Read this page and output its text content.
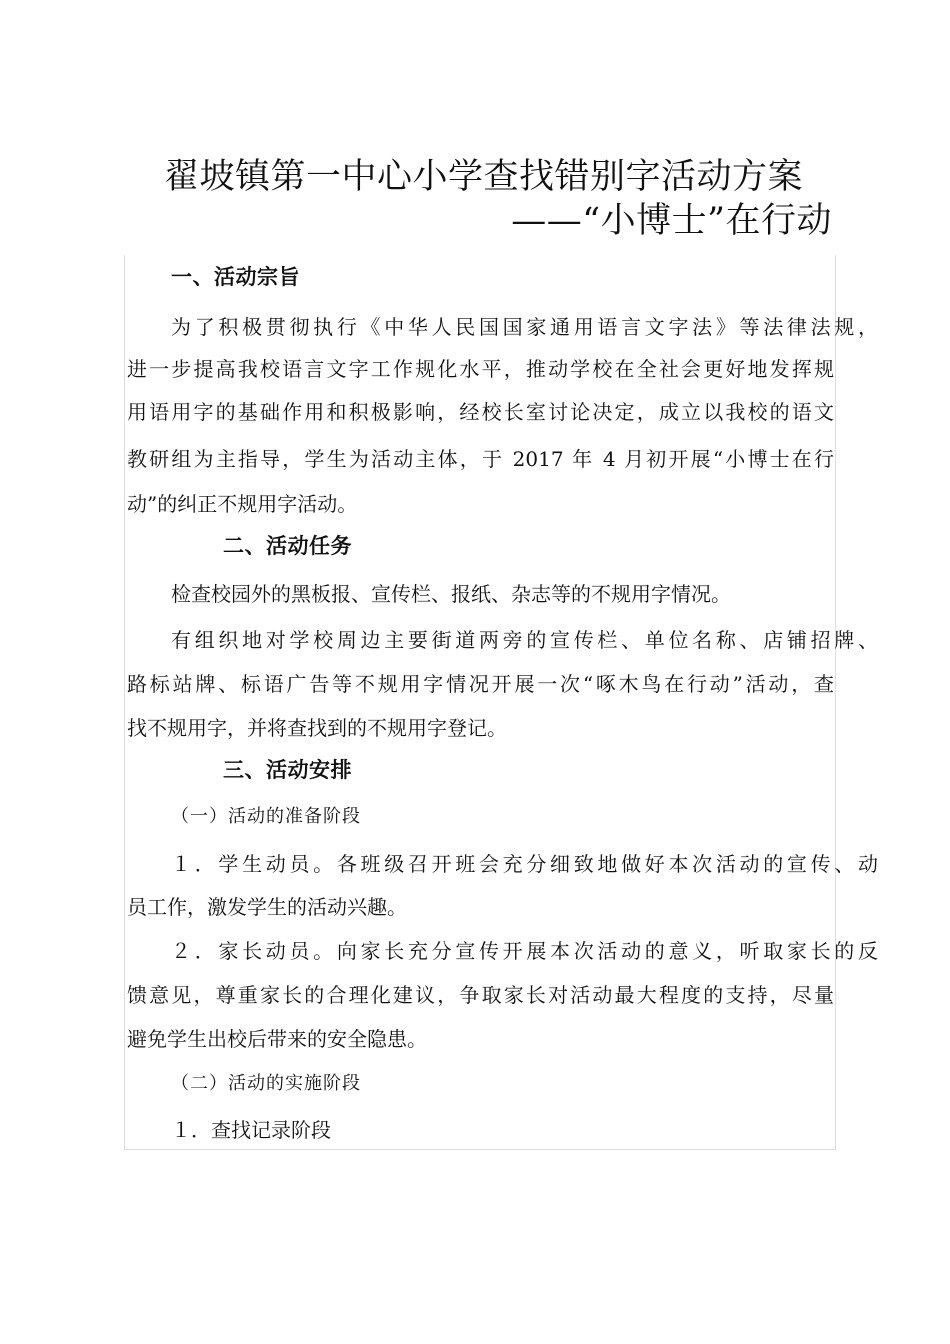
翟坡镇第一中心小学查找错别字活动方案
——“小博士”在行动
一、活动宗旨
为了积极贯彻执行《中华人民国国家通用语言文字法》等法律法规，
进一步提高我校语言文字工作规化水平，推动学校在全社会更好地发挥规
用语用字的基础作用和积极影响，经校长室讨论决定，成立以我校的语文
教研组为主指导，学生为活动主体，于 2017 年 4 月初开展“小博士在行
动”的纠正不规用字活动。
二、活动任务
检查校园外的黑板报、宣传栏、报纸、杂志等的不规用字情况。
有组织地对学校周边主要街道两旁的宣传栏、单位名称、店铺招牌、
路标站牌、标语广告等不规用字情况开展一次“啄木鸟在行动”活动，查
找不规用字，并将查找到的不规用字登记。
三、活动安排
（一）活动的准备阶段
１．学生动员。各班级召开班会充分细致地做好本次活动的宣传、动
员工作，激发学生的活动兴趣。
２．家长动员。向家长充分宣传开展本次活动的意义，听取家长的反
馈意见，尊重家长的合理化建议，争取家长对活动最大程度的支持，尽量
避免学生出校后带来的安全隐患。
（二）活动的实施阶段
１．查找记录阶段
